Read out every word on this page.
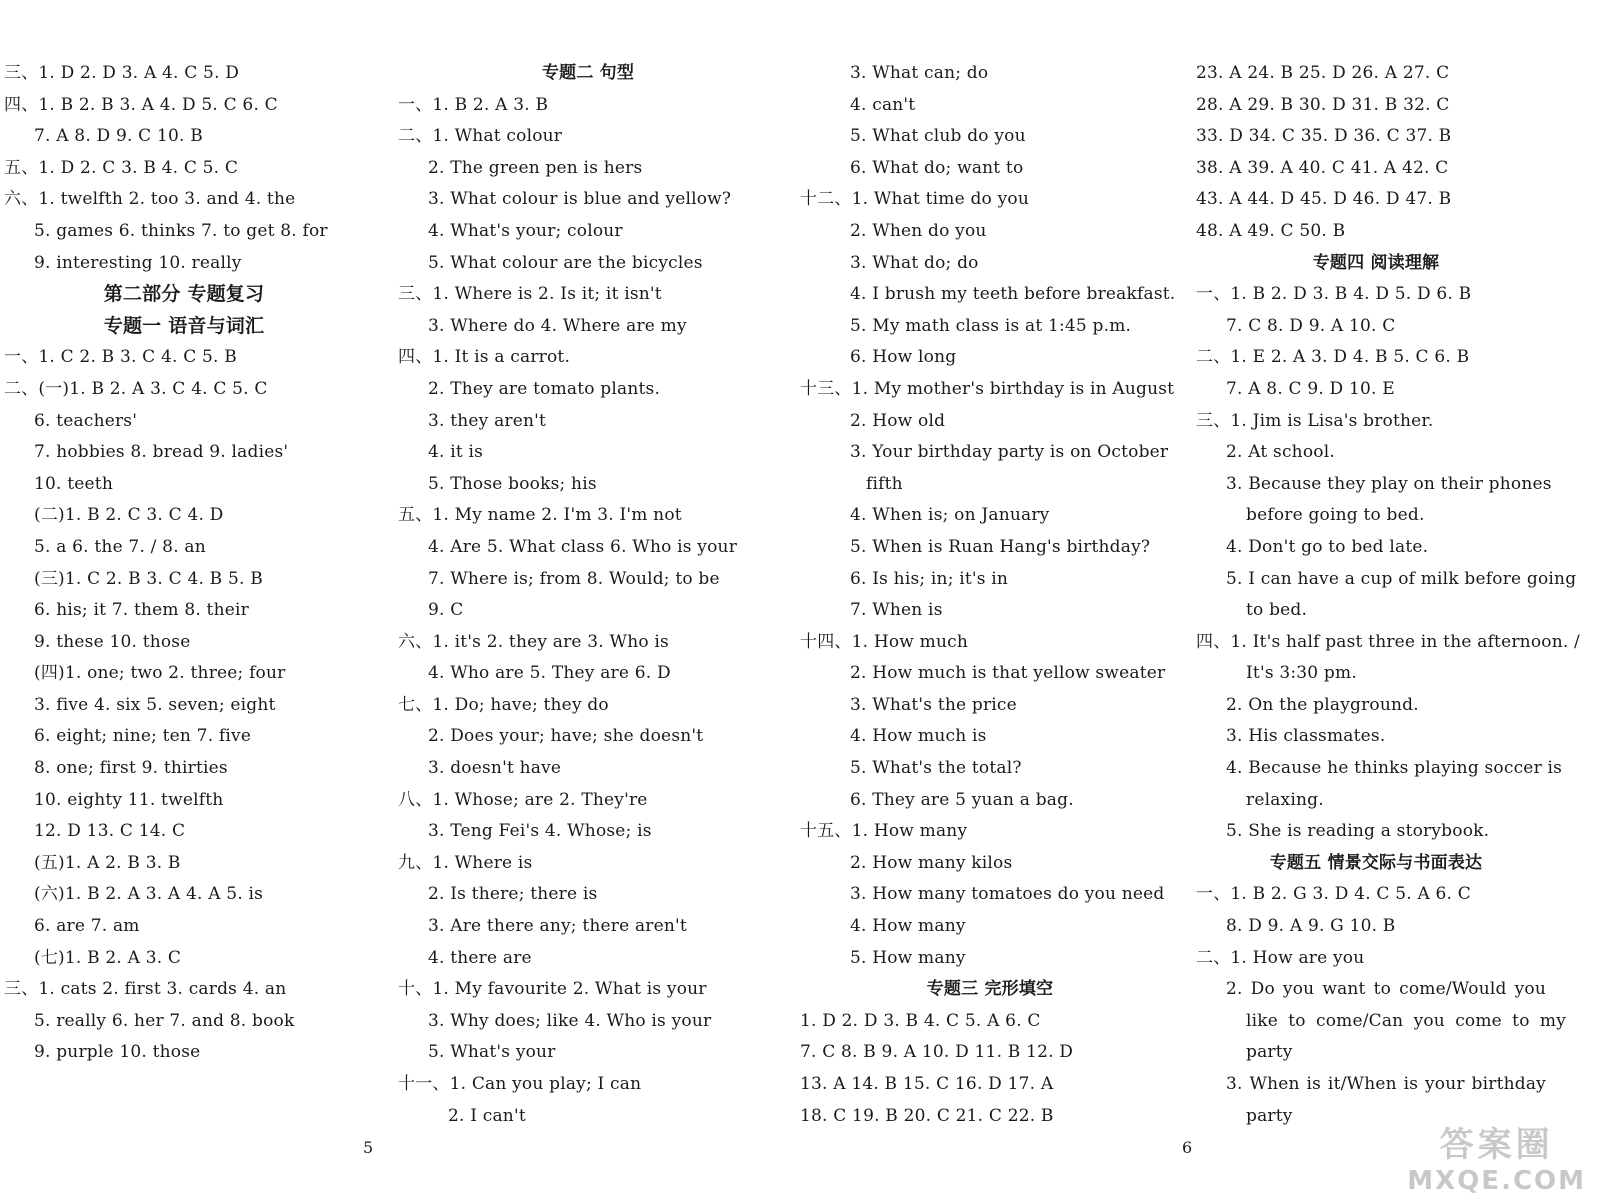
三、1. D 2. D 3. A 4. C 5. D
四、1. B 2. B 3. A 4. D 5. C 6. C
7. A 8. D 9. C 10. B
五、1. D 2. C 3. B 4. C 5. C
六、1. twelfth 2. too 3. and 4. the
5. games 6. thinks 7. to get 8. for
9. interesting 10. really
第二部分 专题复习
专题一 语音与词汇
一、1. C 2. B 3. C 4. C 5. B
二、(一)1. B 2. A 3. C 4. C 5. C
6. teachers'
7. hobbies 8. bread 9. ladies'
10. teeth
(二)1. B 2. C 3. C 4. D
5. a 6. the 7. / 8. an
(三)1. C 2. B 3. C 4. B 5. B
6. his; it 7. them 8. their
9. these 10. those
(四)1. one; two 2. three; four
3. five 4. six 5. seven; eight
6. eight; nine; ten 7. five
8. one; first 9. thirties
10. eighty 11. twelfth
12. D 13. C 14. C
(五)1. A 2. B 3. B
(六)1. B 2. A 3. A 4. A 5. is
6. are 7. am
(七)1. B 2. A 3. C
三、1. cats 2. first 3. cards 4. an
5. really 6. her 7. and 8. book
9. purple 10. those
专题二 句型
一、1. B 2. A 3. B
二、1. What colour
2. The green pen is hers
3. What colour is blue and yellow?
4. What's your; colour
5. What colour are the bicycles
三、1. Where is 2. Is it; it isn't
3. Where do 4. Where are my
四、1. It is a carrot.
2. They are tomato plants.
3. they aren't
4. it is
5. Those books; his
五、1. My name 2. I'm 3. I'm not
4. Are 5. What class 6. Who is your
7. Where is; from 8. Would; to be
9. C
六、1. it's 2. they are 3. Who is
4. Who are 5. They are 6. D
七、1. Do; have; they do
2. Does your; have; she doesn't
3. doesn't have
八、1. Whose; are 2. They're
3. Teng Fei's 4. Whose; is
九、1. Where is
2. Is there; there is
3. Are there any; there aren't
4. there are
十、1. My favourite 2. What is your
3. Why does; like 4. Who is your
5. What's your
十一、1. Can you play; I can
2. I can't
3. What can; do
4. can't
5. What club do you
6. What do; want to
十二、1. What time do you
2. When do you
3. What do; do
4. I brush my teeth before breakfast.
5. My math class is at 1:45 p.m.
6. How long
十三、1. My mother's birthday is in August
2. How old
3. Your birthday party is on October
fifth
4. When is; on January
5. When is Ruan Hang's birthday?
6. Is his; in; it's in
7. When is
十四、1. How much
2. How much is that yellow sweater
3. What's the price
4. How much is
5. What's the total?
6. They are 5 yuan a bag.
十五、1. How many
2. How many kilos
3. How many tomatoes do you need
4. How many
5. How many
专题三 完形填空
1. D 2. D 3. B 4. C 5. A 6. C
7. C 8. B 9. A 10. D 11. B 12. D
13. A 14. B 15. C 16. D 17. A
18. C 19. B 20. C 21. C 22. B
23. A 24. B 25. D 26. A 27. C
28. A 29. B 30. D 31. B 32. C
33. D 34. C 35. D 36. C 37. B
38. A 39. A 40. C 41. A 42. C
43. A 44. D 45. D 46. D 47. B
48. A 49. C 50. B
专题四 阅读理解
一、1. B 2. D 3. B 4. D 5. D 6. B
7. C 8. D 9. A 10. C
二、1. E 2. A 3. D 4. B 5. C 6. B
7. A 8. C 9. D 10. E
三、1. Jim is Lisa's brother.
2. At school.
3. Because they play on their phones
before going to bed.
4. Don't go to bed late.
5. I can have a cup of milk before going
to bed.
四、1. It's half past three in the afternoon. /
It's 3:30 pm.
2. On the playground.
3. His classmates.
4. Because he thinks playing soccer is
relaxing.
5. She is reading a storybook.
专题五 情景交际与书面表达
一、1. B 2. G 3. D 4. C 5. A 6. C
8. D 9. A 9. G 10. B
二、1. How are you
2. Do you want to come/Would you
like to come/Can you come to my
party
3. When is it/When is your birthday
party
5	6	答案圈
MXQE.COM
